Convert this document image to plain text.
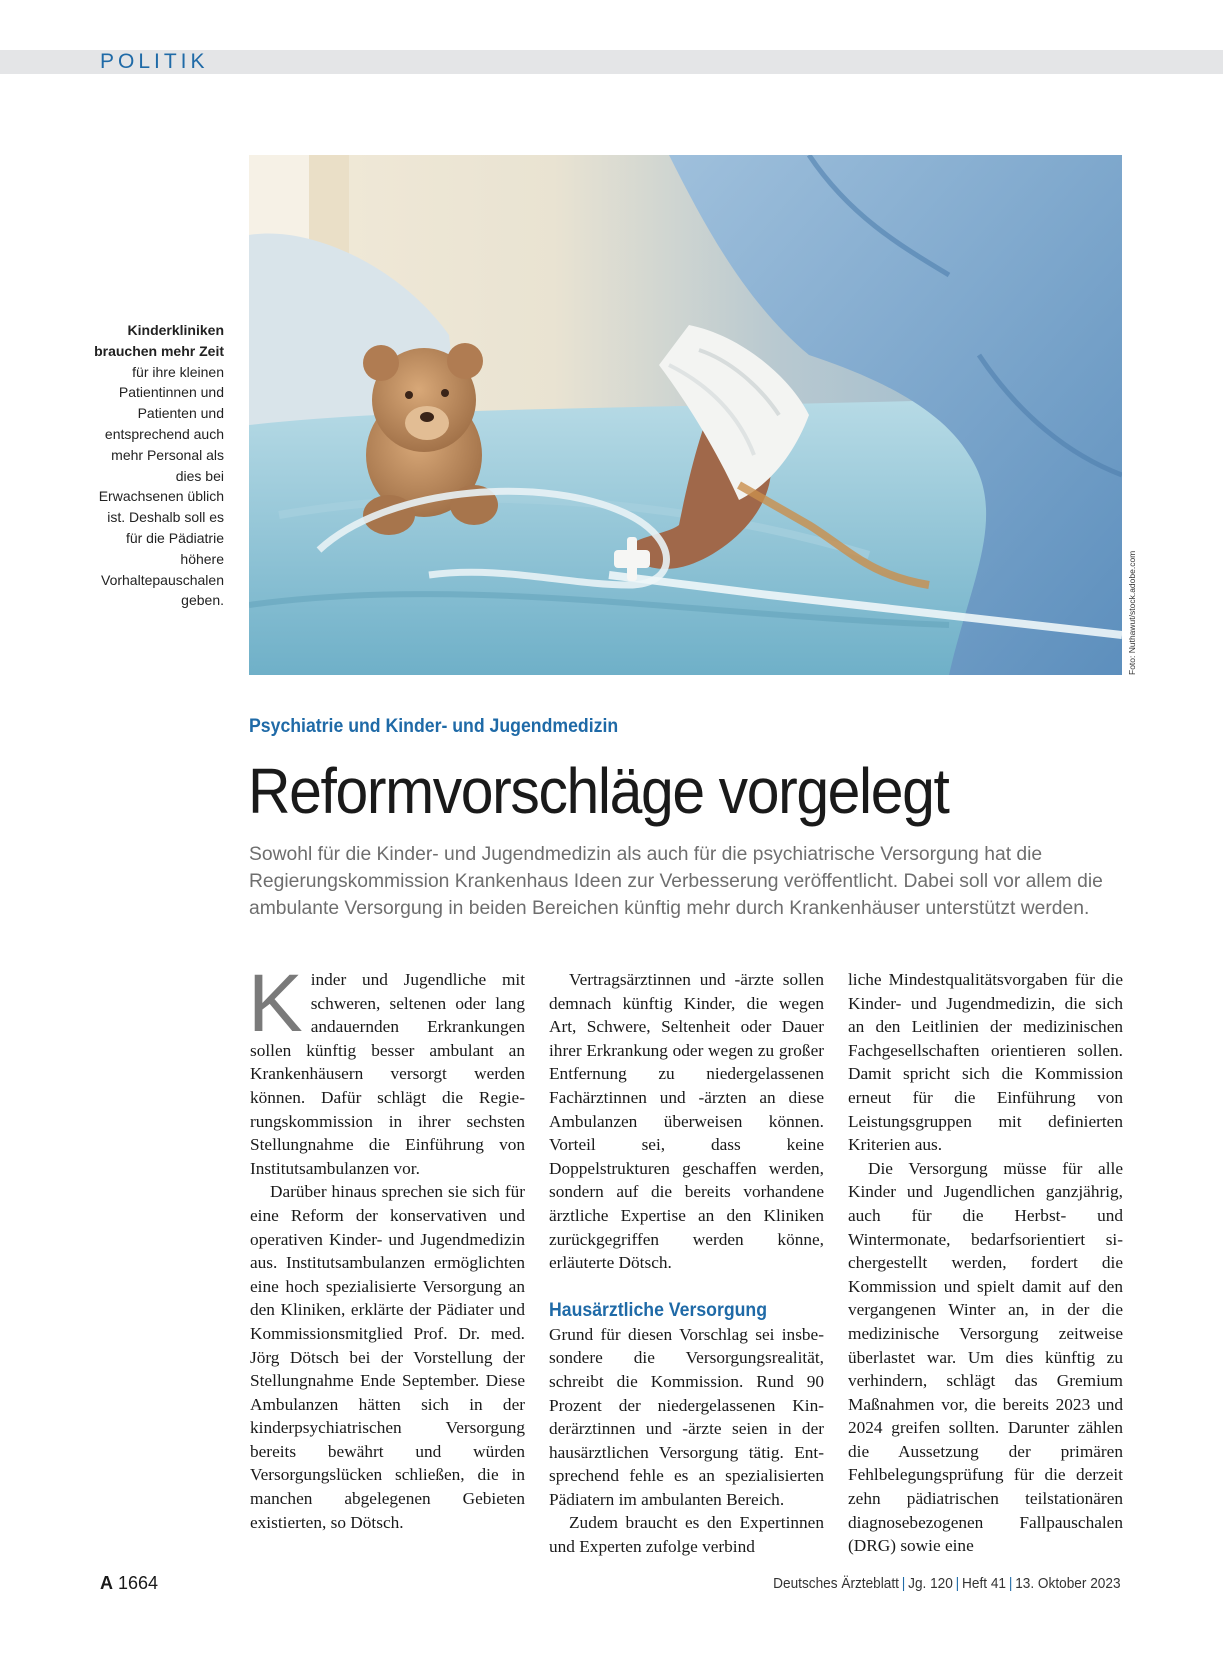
POLITIK
Foto: Nuthawut/stock.adobe.com
Kinderkliniken brauchen mehr Zeit für ihre kleinen Patientinnen und Patienten und entsprechend auch mehr Personal als dies bei Erwachsenen üblich ist. Deshalb soll es für die Pädiatrie höhere Vorhaltepauschalen geben.
Psychiatrie und Kinder- und Jugendmedizin
Reformvorschläge vorgelegt
Sowohl für die Kinder- und Jugendmedizin als auch für die psychiatrische Versorgung hat die Regierungskommission Krankenhaus Ideen zur Verbesserung veröffentlicht. Dabei soll vor allem die ambulante Versorgung in beiden Bereichen künftig mehr durch Krankenhäuser unterstützt werden.

Kinder und Jugendliche mit schweren, seltenen oder lang andauernden Erkrankungen sollen künftig besser ambulant an Krankenhäusern versorgt werden können. Dafür schlägt die Regierungskommission in ihrer sechsten Stellungnahme die Einführung von Institutsambulanzen vor.

Darüber hinaus sprechen sie sich für eine Reform der konservativen und operativen Kinder- und Jugendmedizin aus. Institutsambulanzen ermöglichten eine hoch spezialisierte Versorgung an den Kliniken, erklärte der Pädiater und Kommissionsmitglied Prof. Dr. med. Jörg Dötsch bei der Vorstellung der Stellungnahme Ende September. Diese Ambulanzen hätten sich in der kinderpsychiatrischen Versorgung bereits bewährt und würden Versorgungslücken schließen, die in manchen abgelegenen Gebieten existierten, so Dötsch.

Vertragsärztinnen und -ärzte sollen demnach künftig Kinder, die wegen Art, Schwere, Seltenheit oder Dauer ihrer Erkrankung oder wegen zu großer Entfernung zu niedergelassenen Fachärztinnen und -ärzten an diese Ambulanzen überweisen können. Vorteil sei, dass keine Doppelstrukturen geschaffen werden, sondern auf die bereits vorhandene ärztliche Expertise an den Kliniken zurückgegriffen werden könne, erläuterte Dötsch.

Hausärztliche Versorgung

Grund für diesen Vorschlag sei insbesondere die Versorgungsrealität, schreibt die Kommission. Rund 90 Prozent der niedergelassenen Kinderärztinnen und -ärzte seien in der hausärztlichen Versorgung tätig. Entsprechend fehle es an spezialisierten Pädiatern im ambulanten Bereich.

Zudem braucht es den Expertinnen und Experten zufolge verbind

liche Mindestqualitätsvorgaben für die Kinder- und Jugendmedizin, die sich an den Leitlinien der medizinischen Fachgesellschaften orientieren sollen. Damit spricht sich die Kommission erneut für die Einführung von Leistungsgruppen mit definierten Kriterien aus.

Die Versorgung müsse für alle Kinder und Jugendlichen ganzjährig, auch für die Herbst- und Wintermonate, bedarfsorientiert sichergestellt werden, fordert die Kommission und spielt damit auf den vergangenen Winter an, in der die medizinische Versorgung zeitweise überlastet war. Um dies künftig zu verhindern, schlägt das Gremium Maßnahmen vor, die bereits 2023 und 2024 greifen sollten. Darunter zählen die Aussetzung der primären Fehlbelegungsprüfung für die derzeit zehn pädiatrischen teilstationären diagnosebezogenen Fallpauschalen (DRG) sowie eine

A 1664	Deutsches Ärzteblatt | Jg. 120 | Heft 41 | 13. Oktober 2023
